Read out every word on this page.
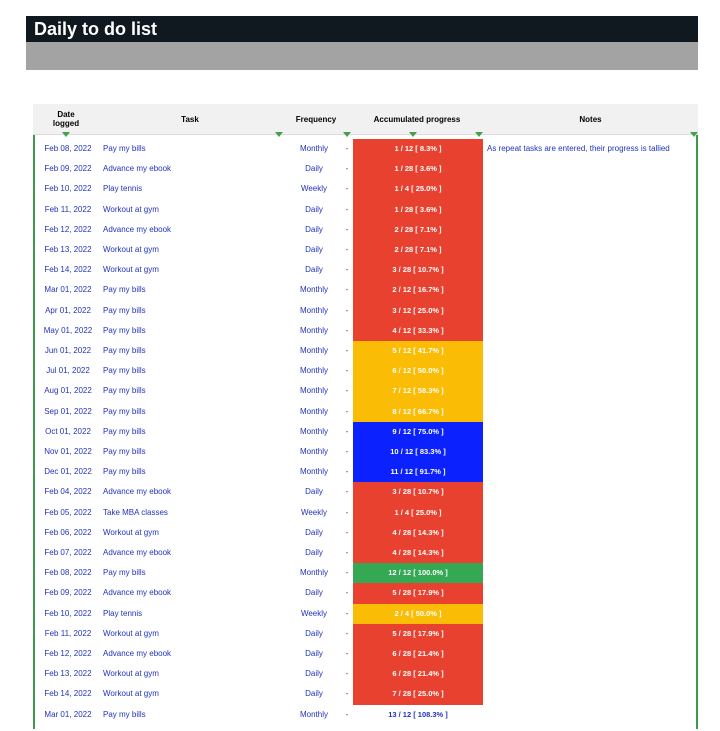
Daily to do list
Date logged	Task	Frequency	Accumulated progress	Notes
Feb 08, 2022	Pay my bills	Monthly	-	1 / 12 [ 8.3% ]	As repeat tasks are entered, their progress is tallied
Feb 09, 2022	Advance my ebook	Daily	-	1 / 28 [ 3.6% ]
Feb 10, 2022	Play tennis	Weekly	-	1 / 4 [ 25.0% ]
Feb 11, 2022	Workout at gym	Daily	-	1 / 28 [ 3.6% ]
Feb 12, 2022	Advance my ebook	Daily	-	2 / 28 [ 7.1% ]
Feb 13, 2022	Workout at gym	Daily	-	2 / 28 [ 7.1% ]
Feb 14, 2022	Workout at gym	Daily	-	3 / 28 [ 10.7% ]
Mar 01, 2022	Pay my bills	Monthly	-	2 / 12 [ 16.7% ]
Apr 01, 2022	Pay my bills	Monthly	-	3 / 12 [ 25.0% ]
May 01, 2022	Pay my bills	Monthly	-	4 / 12 [ 33.3% ]
Jun 01, 2022	Pay my bills	Monthly	-	5 / 12 [ 41.7% ]
Jul 01, 2022	Pay my bills	Monthly	-	6 / 12 [ 50.0% ]
Aug 01, 2022	Pay my bills	Monthly	-	7 / 12 [ 58.3% ]
Sep 01, 2022	Pay my bills	Monthly	-	8 / 12 [ 66.7% ]
Oct 01, 2022	Pay my bills	Monthly	-	9 / 12 [ 75.0% ]
Nov 01, 2022	Pay my bills	Monthly	-	10 / 12 [ 83.3% ]
Dec 01, 2022	Pay my bills	Monthly	-	11 / 12 [ 91.7% ]
Feb 04, 2022	Advance my ebook	Daily	-	3 / 28 [ 10.7% ]
Feb 05, 2022	Take MBA classes	Weekly	-	1 / 4 [ 25.0% ]
Feb 06, 2022	Workout at gym	Daily	-	4 / 28 [ 14.3% ]
Feb 07, 2022	Advance my ebook	Daily	-	4 / 28 [ 14.3% ]
Feb 08, 2022	Pay my bills	Monthly	-	12 / 12 [ 100.0% ]
Feb 09, 2022	Advance my ebook	Daily	-	5 / 28 [ 17.9% ]
Feb 10, 2022	Play tennis	Weekly	-	2 / 4 [ 50.0% ]
Feb 11, 2022	Workout at gym	Daily	-	5 / 28 [ 17.9% ]
Feb 12, 2022	Advance my ebook	Daily	-	6 / 28 [ 21.4% ]
Feb 13, 2022	Workout at gym	Daily	-	6 / 28 [ 21.4% ]
Feb 14, 2022	Workout at gym	Daily	-	7 / 28 [ 25.0% ]
Mar 01, 2022	Pay my bills	Monthly	-	13 / 12 [ 108.3% ]
